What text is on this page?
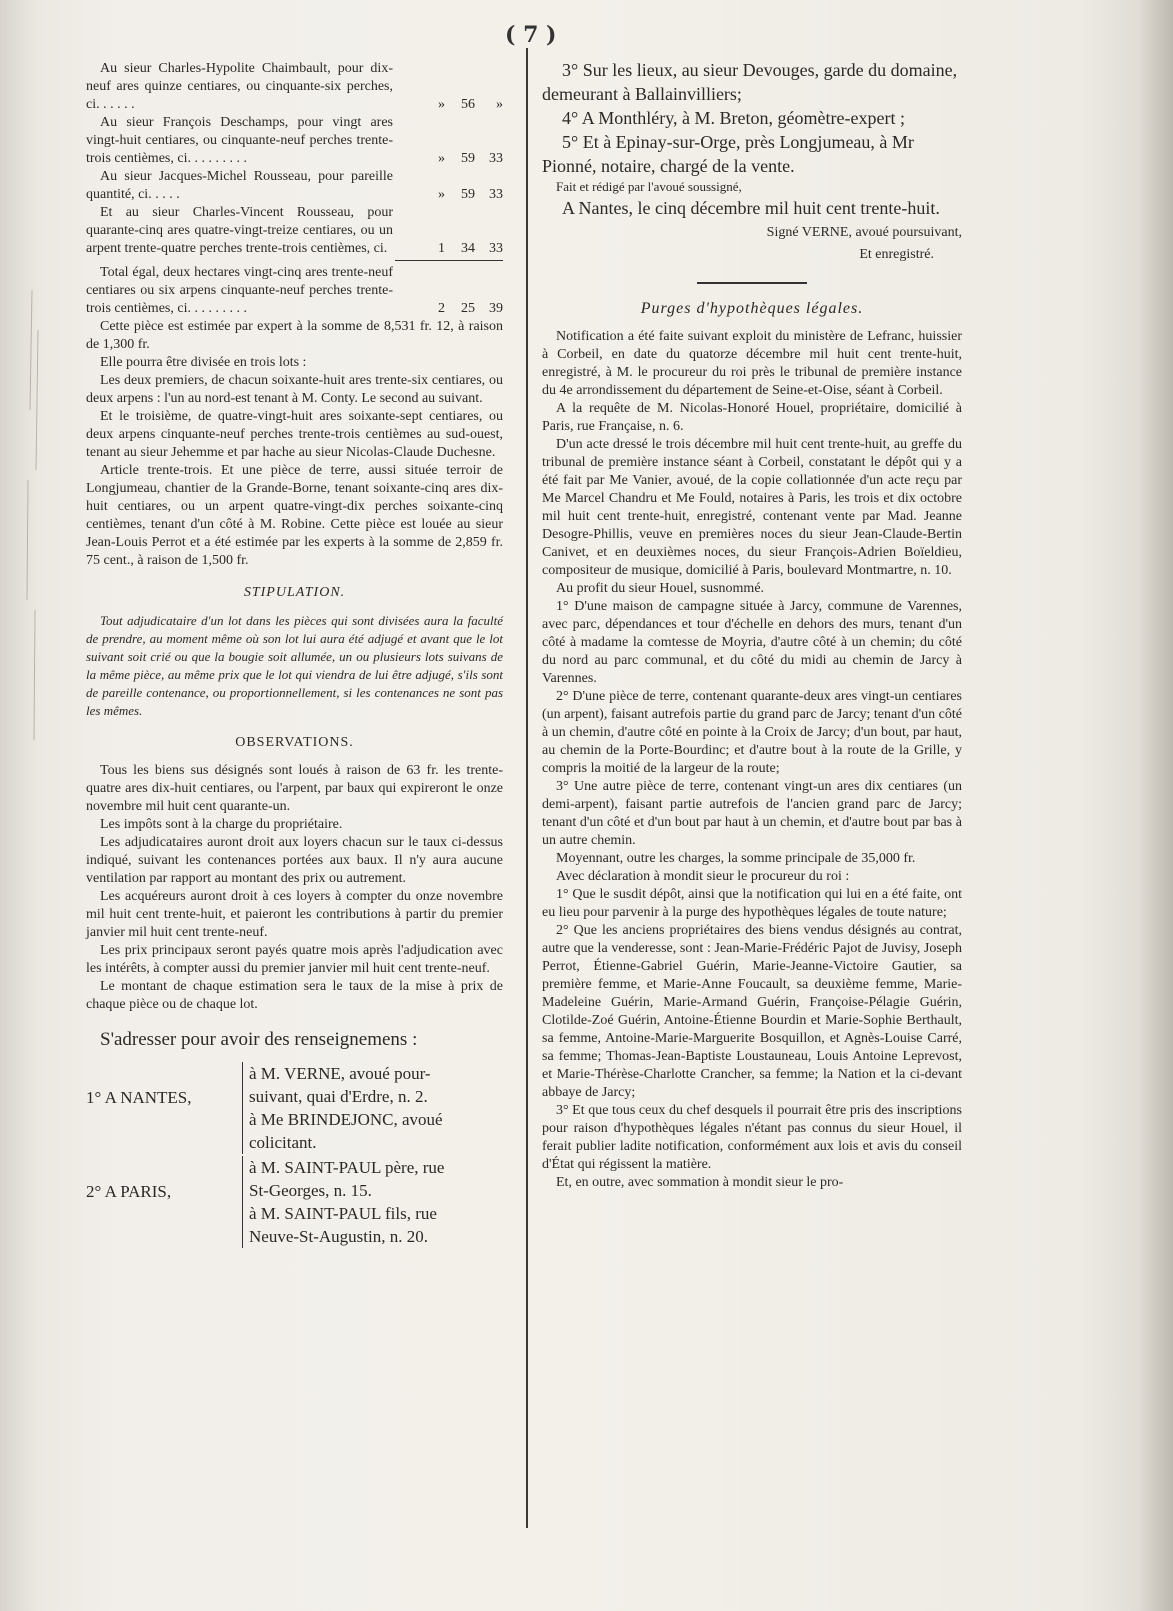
( 7 )
Au sieur Charles-Hypolite Chaimbault, pour dix-neuf ares quinze centiares, ou cinquante-six perches, ci. . . . . .	»	56	»
Au sieur François Deschamps, pour vingt ares vingt-huit centiares, ou cinquante-neuf perches trente-trois centièmes, ci. . . . . . . . .	»	59	33
Au sieur Jacques-Michel Rousseau, pour pareille quantité, ci. . . . .	»	59	33
Et au sieur Charles-Vincent Rousseau, pour quarante-cinq ares quatre-vingt-treize centiares, ou un arpent trente-quatre perches trente-trois centièmes, ci.	1	34	33
Total égal, deux hectares vingt-cinq ares trente-neuf centiares ou six arpens cinquante-neuf perches trente-trois centièmes, ci. . . . . . . . .	2	25	39

Cette pièce est estimée par expert à la somme de 8,531 fr. 12, à raison de 1,300 fr.

Elle pourra être divisée en trois lots :

Les deux premiers, de chacun soixante-huit ares trente-six centiares, ou deux arpens : l'un au nord-est tenant à M. Conty. Le second au suivant.

Et le troisième, de quatre-vingt-huit ares soixante-sept centiares, ou deux arpens cinquante-neuf perches trente-trois centièmes au sud-ouest, tenant au sieur Jehemme et par hache au sieur Nicolas-Claude Duchesne.

Article trente-trois. Et une pièce de terre, aussi située terroir de Longjumeau, chantier de la Grande-Borne, tenant soixante-cinq ares dix-huit centiares, ou un arpent quatre-vingt-dix perches soixante-cinq centièmes, tenant d'un côté à M. Robine. Cette pièce est louée au sieur Jean-Louis Perrot et a été estimée par les experts à la somme de 2,859 fr. 75 cent., à raison de 1,500 fr.

STIPULATION.

Tout adjudicataire d'un lot dans les pièces qui sont divisées aura la faculté de prendre, au moment même où son lot lui aura été adjugé et avant que le lot suivant soit crié ou que la bougie soit allumée, un ou plusieurs lots suivans de la même pièce, au même prix que le lot qui viendra de lui être adjugé, s'ils sont de pareille contenance, ou proportionnellement, si les contenances ne sont pas les mêmes.

OBSERVATIONS.

Tous les biens sus désignés sont loués à raison de 63 fr. les trente-quatre ares dix-huit centiares, ou l'arpent, par baux qui expireront le onze novembre mil huit cent quarante-un.

Les impôts sont à la charge du propriétaire.

Les adjudicataires auront droit aux loyers chacun sur le taux ci-dessus indiqué, suivant les contenances portées aux baux. Il n'y aura aucune ventilation par rapport au montant des prix ou autrement.

Les acquéreurs auront droit à ces loyers à compter du onze novembre mil huit cent trente-huit, et paieront les contributions à partir du premier janvier mil huit cent trente-neuf.

Les prix principaux seront payés quatre mois après l'adjudication avec les intérêts, à compter aussi du premier janvier mil huit cent trente-neuf.

Le montant de chaque estimation sera le taux de la mise à prix de chaque pièce ou de chaque lot.

S'adresser pour avoir des renseignemens :

1° A NANTES,
à M. VERNE, avoué pour-
suivant, quai d'Erdre, n. 2.
à Me BRINDEJONC, avoué
colicitant.
2° A PARIS,
à M. SAINT-PAUL père, rue
St-Georges, n. 15.
à M. SAINT-PAUL fils, rue
Neuve-St-Augustin, n. 20.

3° Sur les lieux, au sieur Devouges, garde du domaine, demeurant à Ballainvilliers;

4° A Monthléry, à M. Breton, géomètre-expert ;

5° Et à Epinay-sur-Orge, près Longjumeau, à Mr Pionné, notaire, chargé de la vente.

Fait et rédigé par l'avoué soussigné,

A Nantes, le cinq décembre mil huit cent trente-huit.

Signé VERNE, avoué poursuivant,

Et enregistré.

Purges d'hypothèques légales.

Notification a été faite suivant exploit du ministère de Lefranc, huissier à Corbeil, en date du quatorze décembre mil huit cent trente-huit, enregistré, à M. le procureur du roi près le tribunal de première instance du 4e arrondissement du département de Seine-et-Oise, séant à Corbeil.

A la requête de M. Nicolas-Honoré Houel, propriétaire, domicilié à Paris, rue Française, n. 6.

D'un acte dressé le trois décembre mil huit cent trente-huit, au greffe du tribunal de première instance séant à Corbeil, constatant le dépôt qui y a été fait par Me Vanier, avoué, de la copie collationnée d'un acte reçu par Me Marcel Chandru et Me Fould, notaires à Paris, les trois et dix octobre mil huit cent trente-huit, enregistré, contenant vente par Mad. Jeanne Desogre-Phillis, veuve en premières noces du sieur Jean-Claude-Bertin Canivet, et en deuxièmes noces, du sieur François-Adrien Boïeldieu, compositeur de musique, domicilié à Paris, boulevard Montmartre, n. 10.

Au profit du sieur Houel, susnommé.

1° D'une maison de campagne située à Jarcy, commune de Varennes, avec parc, dépendances et tour d'échelle en dehors des murs, tenant d'un côté à madame la comtesse de Moyria, d'autre côté à un chemin; du côté du nord au parc communal, et du côté du midi au chemin de Jarcy à Varennes.

2° D'une pièce de terre, contenant quarante-deux ares vingt-un centiares (un arpent), faisant autrefois partie du grand parc de Jarcy; tenant d'un côté à un chemin, d'autre côté en pointe à la Croix de Jarcy; d'un bout, par haut, au chemin de la Porte-Bourdinc; et d'autre bout à la route de la Grille, y compris la moitié de la largeur de la route;

3° Une autre pièce de terre, contenant vingt-un ares dix centiares (un demi-arpent), faisant partie autrefois de l'ancien grand parc de Jarcy; tenant d'un côté et d'un bout par haut à un chemin, et d'autre bout par bas à un autre chemin.

Moyennant, outre les charges, la somme principale de 35,000 fr.

Avec déclaration à mondit sieur le procureur du roi :

1° Que le susdit dépôt, ainsi que la notification qui lui en a été faite, ont eu lieu pour parvenir à la purge des hypothèques légales de toute nature;

2° Que les anciens propriétaires des biens vendus désignés au contrat, autre que la venderesse, sont : Jean-Marie-Frédéric Pajot de Juvisy, Joseph Perrot, Étienne-Gabriel Guérin, Marie-Jeanne-Victoire Gautier, sa première femme, et Marie-Anne Foucault, sa deuxième femme, Marie-Madeleine Guérin, Marie-Armand Guérin, Françoise-Pélagie Guérin, Clotilde-Zoé Guérin, Antoine-Étienne Bourdin et Marie-Sophie Berthault, sa femme, Antoine-Marie-Marguerite Bosquillon, et Agnès-Louise Carré, sa femme; Thomas-Jean-Baptiste Loustauneau, Louis Antoine Leprevost, et Marie-Thérèse-Charlotte Crancher, sa femme; la Nation et la ci-devant abbaye de Jarcy;

3° Et que tous ceux du chef desquels il pourrait être pris des inscriptions pour raison d'hypothèques légales n'étant pas connus du sieur Houel, il ferait publier ladite notification, conformément aux lois et avis du conseil d'État qui régissent la matière.

Et, en outre, avec sommation à mondit sieur le pro-
